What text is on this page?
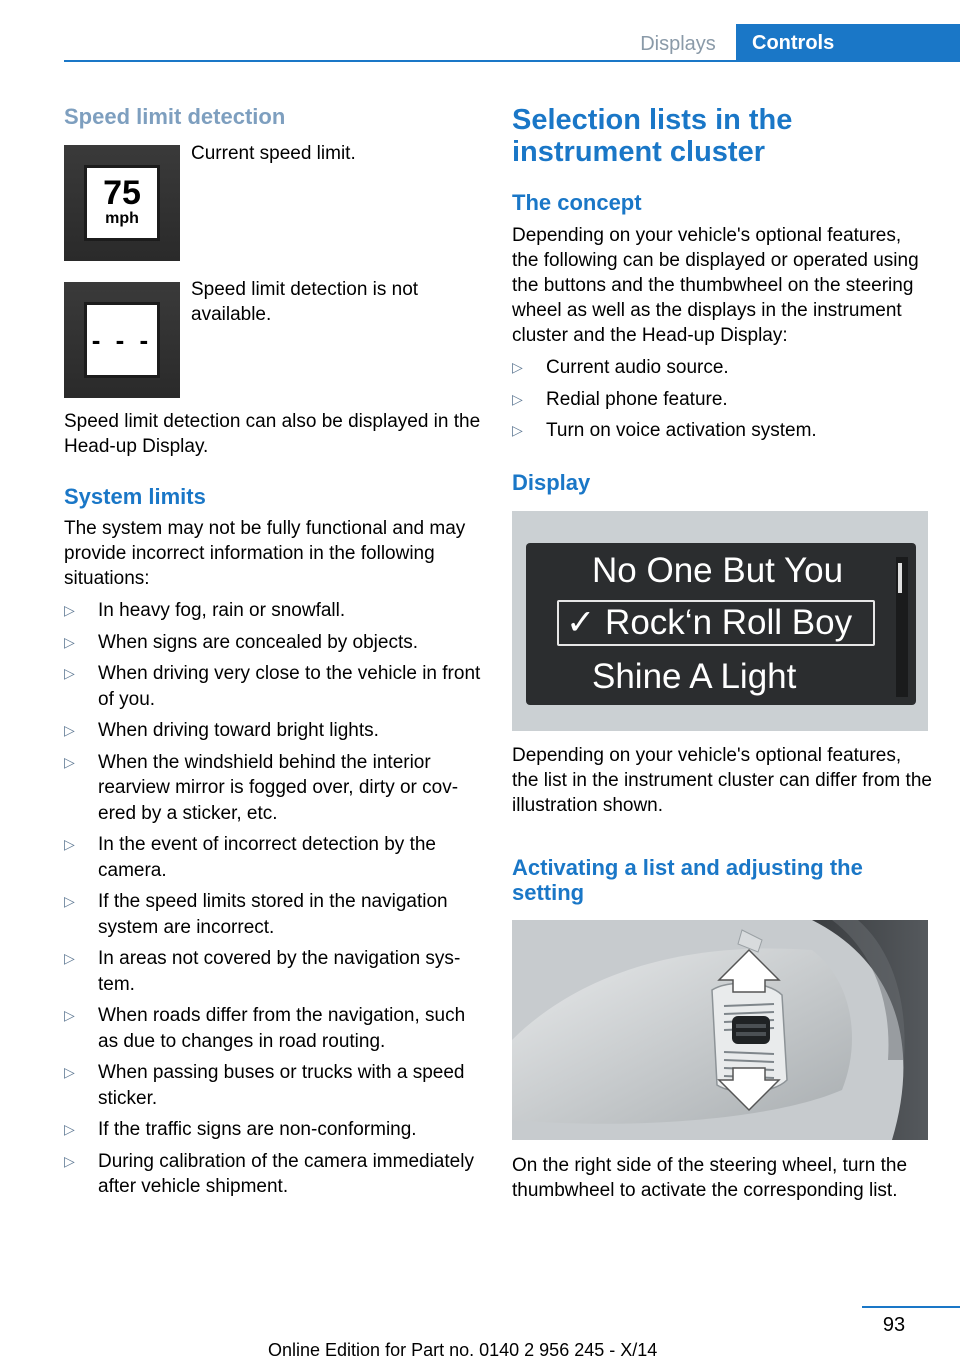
Displays	Controls
Speed limit detection
75
mph
Current speed limit.
- - -
Speed limit detection is not available.
Speed limit detection can also be displayed in the Head-up Display.
System limits
The system may not be fully functional and may provide incorrect information in the following situations:
▷ In heavy fog, rain or snowfall.
▷ When signs are concealed by objects.
▷ When driving very close to the vehicle in front of you.
▷ When driving toward bright lights.
▷ When the windshield behind the interior rearview mirror is fogged over, dirty or covered by a sticker, etc.
▷ In the event of incorrect detection by the camera.
▷ If the speed limits stored in the navigation system are incorrect.
▷ In areas not covered by the navigation system.
▷ When roads differ from the navigation, such as due to changes in road routing.
▷ When passing buses or trucks with a speed sticker.
▷ If the traffic signs are non-conforming.
▷ During calibration of the camera immediately after vehicle shipment.
Selection lists in the instrument cluster
The concept
Depending on your vehicle's optional features, the following can be displayed or operated using the buttons and the thumbwheel on the steering wheel as well as the displays in the instrument cluster and the Head-up Display:
▷ Current audio source.
▷ Redial phone feature.
▷ Turn on voice activation system.
Display
No One But You
✓ Rock‘n Roll Boy
Shine A Light
Depending on your vehicle's optional features, the list in the instrument cluster can differ from the illustration shown.
Activating a list and adjusting the setting
On the right side of the steering wheel, turn the thumbwheel to activate the corresponding list.
93
Online Edition for Part no. 0140 2 956 245 - X/14
